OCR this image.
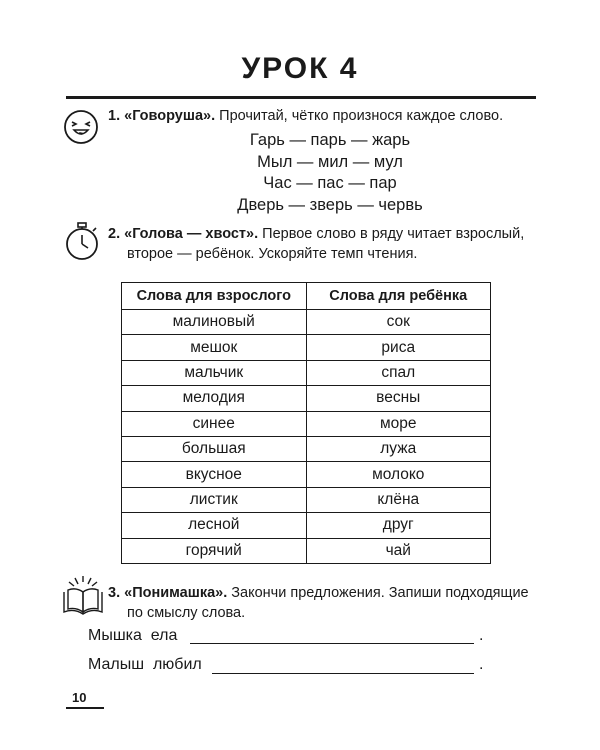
УРОК 4
1. «Говоруша». Прочитай, чётко произнося каждое слово.
Гарь — парь — жарь
Мыл — мил — мул
Час — пас — пар
Дверь — зверь — червь
2. «Голова — хвост». Первое слово в ряду читает взрослый,
второе — ребёнок. Ускоряйте темп чтения.
Слова для взрослого	Слова для ребёнка
малиновый	сок
мешок	риса
мальчик	спал
мелодия	весны
синее	море
большая	лужа
вкусное	молоко
листик	клёна
лесной	друг
горячий	чай
3. «Понимашка». Закончи предложения. Запиши подходящие
по смыслу слова.
Мышка  ела	.
Малыш  любил	.
10
